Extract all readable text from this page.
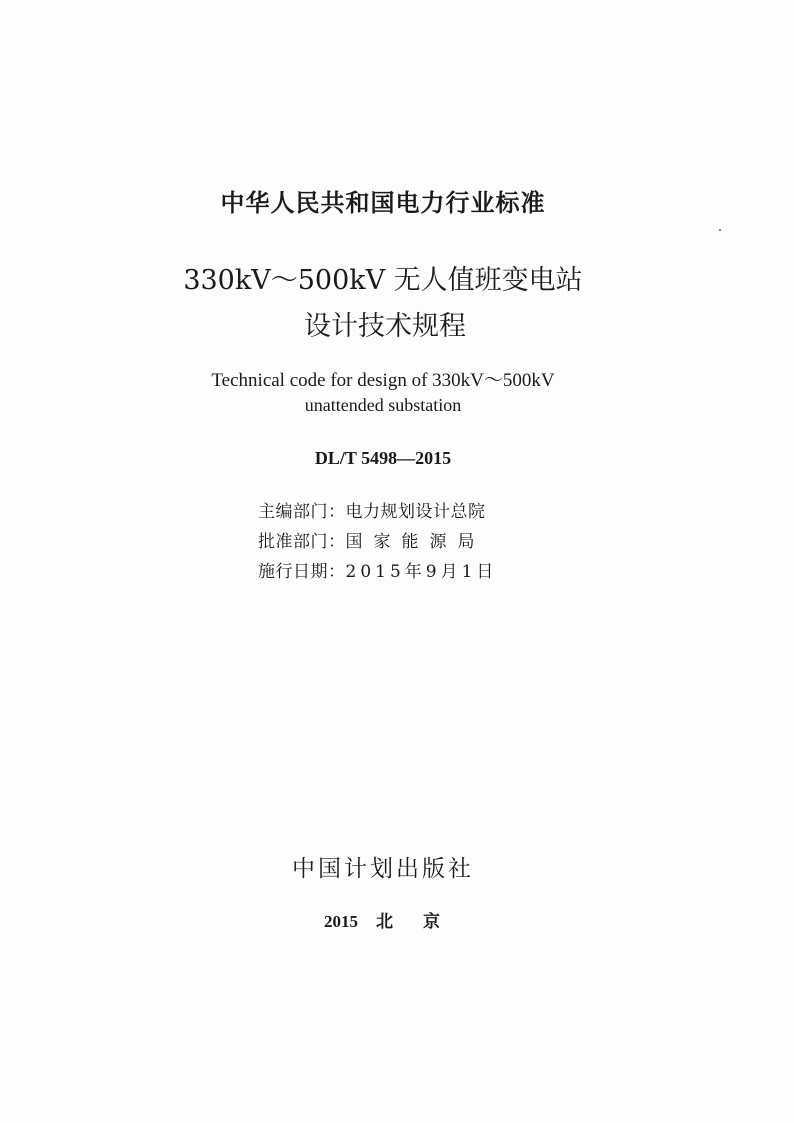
中华人民共和国电力行业标准
330kV～500kV 无人值班变电站
设计技术规程
Technical code for design of 330kV～500kV
unattended substation
DL/T 5498—2015
主编部门：电力规划设计总院
批准部门：国家能源局
施行日期：2015年9月1日
中国计划出版社
2015 北京
